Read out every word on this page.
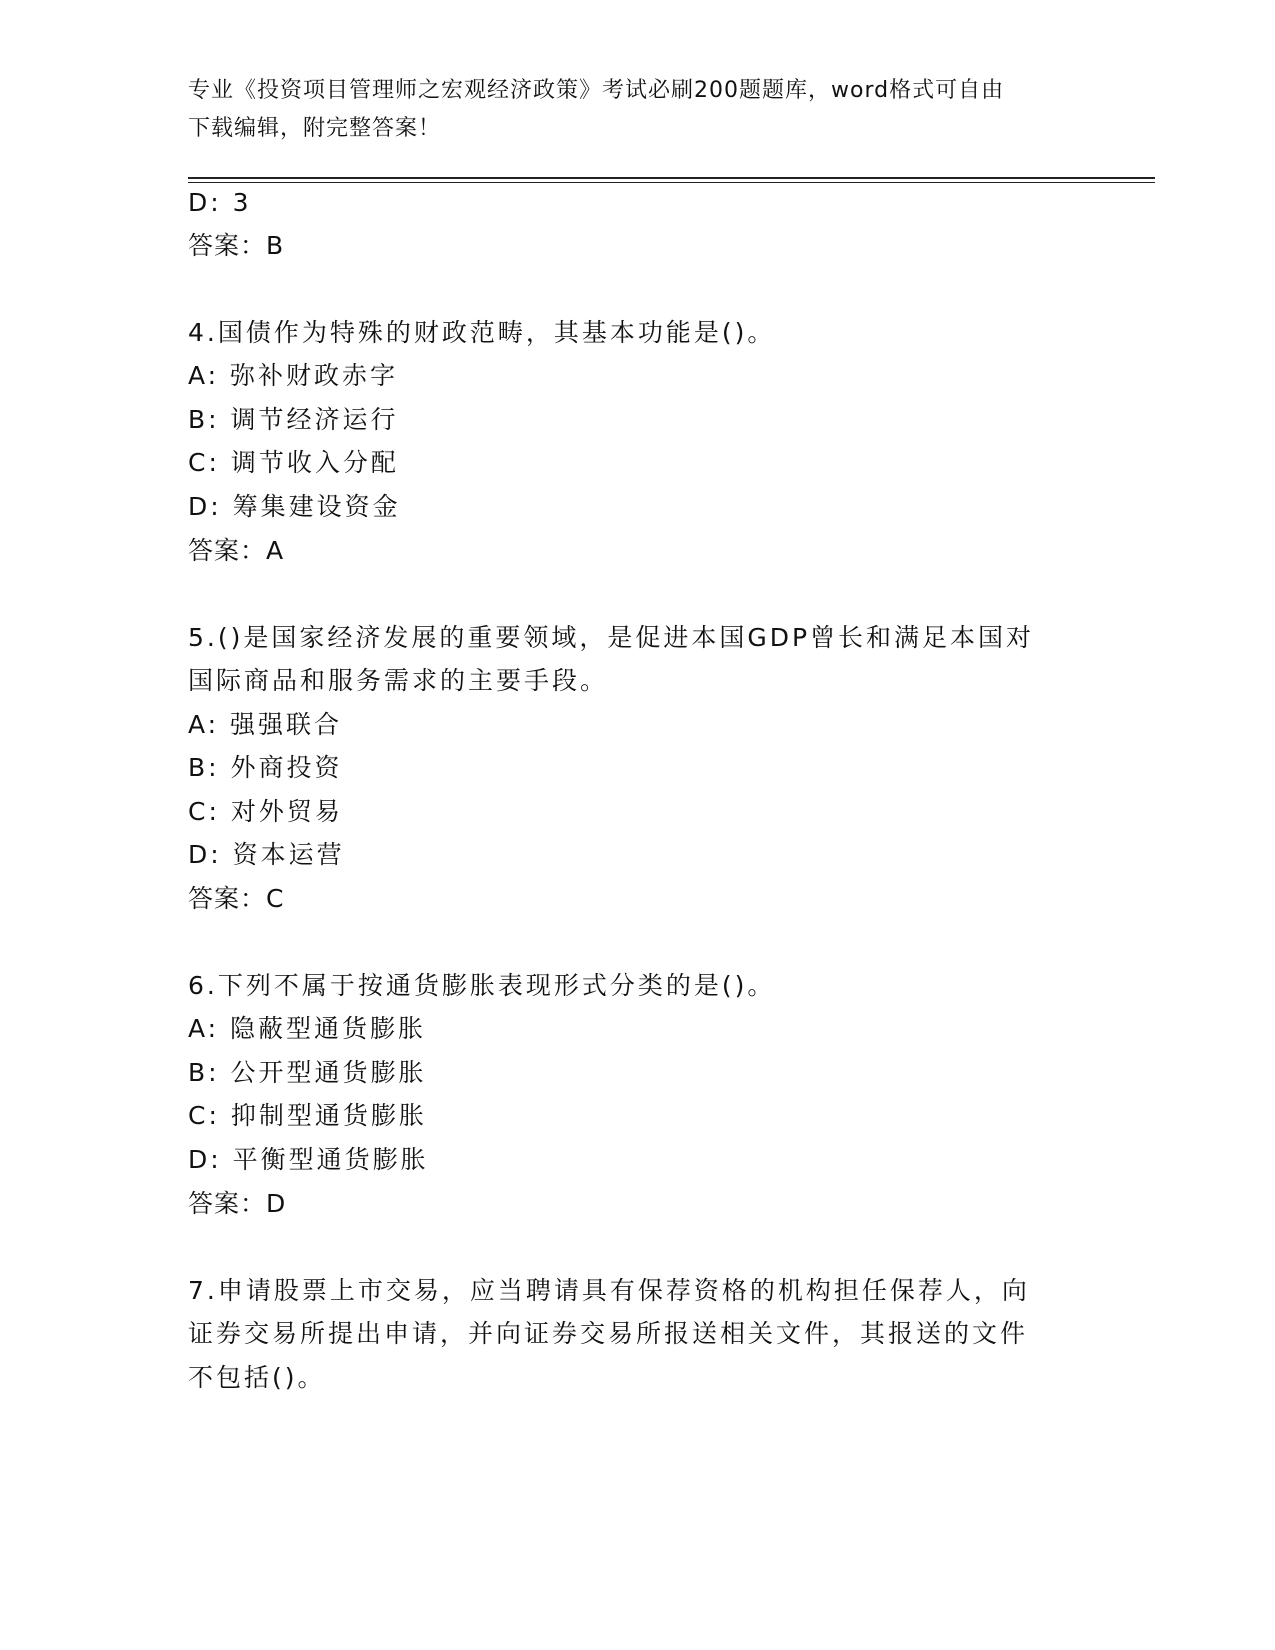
专业《投资项目管理师之宏观经济政策》考试必刷200题题库，word格式可自由
下载编辑，附完整答案！
D: 3
答案：B
4.国债作为特殊的财政范畴，其基本功能是()。
A: 弥补财政赤字
B: 调节经济运行
C: 调节收入分配
D: 筹集建设资金
答案：A
5.()是国家经济发展的重要领域，是促进本国GDP曾长和满足本国对
国际商品和服务需求的主要手段。
A: 强强联合
B: 外商投资
C: 对外贸易
D: 资本运营
答案：C
6.下列不属于按通货膨胀表现形式分类的是()。
A: 隐蔽型通货膨胀
B: 公开型通货膨胀
C: 抑制型通货膨胀
D: 平衡型通货膨胀
答案：D
7.申请股票上市交易，应当聘请具有保荐资格的机构担任保荐人，向
证券交易所提出申请，并向证券交易所报送相关文件，其报送的文件
不包括()。
